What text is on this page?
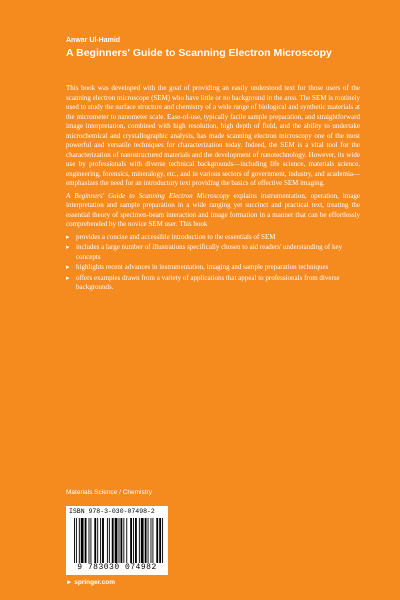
Anwar Ul-Hamid
A Beginners' Guide to Scanning Electron Microscopy

This book was developed with the goal of providing an easily understood text for those users of the scanning electron microscope (SEM) who have little or no background in the area. The SEM is routinely used to study the surface structure and chemistry of a wide range of biological and synthetic materials at the micrometer to nanometer scale. Ease-of-use, typically facile sample preparation, and straightforward image interpretation, combined with high resolution, high depth of field, and the ability to undertake microchemical and crystallographic analysis, has made scanning electron microscopy one of the most powerful and versatile techniques for characterization today. Indeed, the SEM is a vital tool for the characterization of nanostructured materials and the development of nanotechnology. However, its wide use by professionals with diverse technical backgrounds—including life science, materials science, engineering, forensics, mineralogy, etc., and in various sectors of government, industry, and academia—emphasizes the need for an introductory text providing the basics of effective SEM imaging.

A Beginners' Guide to Scanning Electron Microscopy explains instrumentation, operation, image interpretation and sample preparation in a wide ranging yet succinct and practical text, treating the essential theory of specimen-beam interaction and image formation in a manner that can be effortlessly comprehended by the novice SEM user. This book

▸ provides a concise and accessible introduction to the essentials of SEM
▸ includes a large number of illustrations specifically chosen to aid readers' understanding of key concepts
▸ highlights recent advances in instrumentation, imaging and sample preparation techniques
▸ offers examples drawn from a variety of applications that appeal to professionals from diverse backgrounds.
Materials Science / Chemistry
ISBN 978-3-030-07498-2
9 783030 074982
► springer.com
